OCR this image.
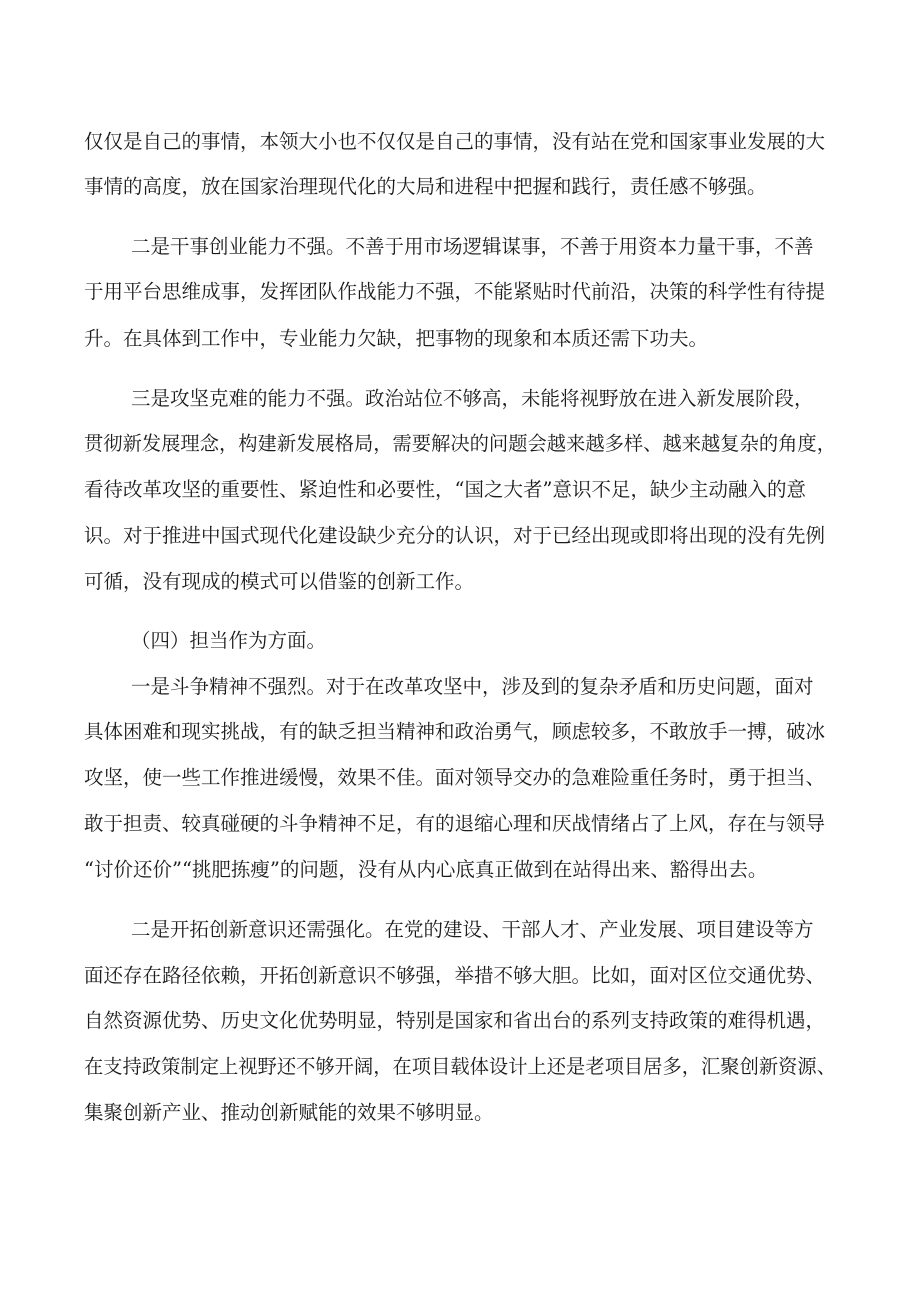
仅仅是自己的事情，本领大小也不仅仅是自己的事情，没有站在党和国家事业发展的大
事情的高度，放在国家治理现代化的大局和进程中把握和践行，责任感不够强。
二是干事创业能力不强。不善于用市场逻辑谋事，不善于用资本力量干事，不善
于用平台思维成事，发挥团队作战能力不强，不能紧贴时代前沿，决策的科学性有待提
升。在具体到工作中，专业能力欠缺，把事物的现象和本质还需下功夫。
三是攻坚克难的能力不强。政治站位不够高，未能将视野放在进入新发展阶段，
贯彻新发展理念，构建新发展格局，需要解决的问题会越来越多样、越来越复杂的角度，
看待改革攻坚的重要性、紧迫性和必要性，“国之大者”意识不足，缺少主动融入的意
识。对于推进中国式现代化建设缺少充分的认识，对于已经出现或即将出现的没有先例
可循，没有现成的模式可以借鉴的创新工作。
（四）担当作为方面。
一是斗争精神不强烈。对于在改革攻坚中，涉及到的复杂矛盾和历史问题，面对
具体困难和现实挑战，有的缺乏担当精神和政治勇气，顾虑较多，不敢放手一搏，破冰
攻坚，使一些工作推进缓慢，效果不佳。面对领导交办的急难险重任务时，勇于担当、
敢于担责、较真碰硬的斗争精神不足，有的退缩心理和厌战情绪占了上风，存在与领导
“讨价还价”“挑肥拣瘦”的问题，没有从内心底真正做到在站得出来、豁得出去。
二是开拓创新意识还需强化。在党的建设、干部人才、产业发展、项目建设等方
面还存在路径依赖，开拓创新意识不够强，举措不够大胆。比如，面对区位交通优势、
自然资源优势、历史文化优势明显，特别是国家和省出台的系列支持政策的难得机遇，
在支持政策制定上视野还不够开阔，在项目载体设计上还是老项目居多，汇聚创新资源、
集聚创新产业、推动创新赋能的效果不够明显。
